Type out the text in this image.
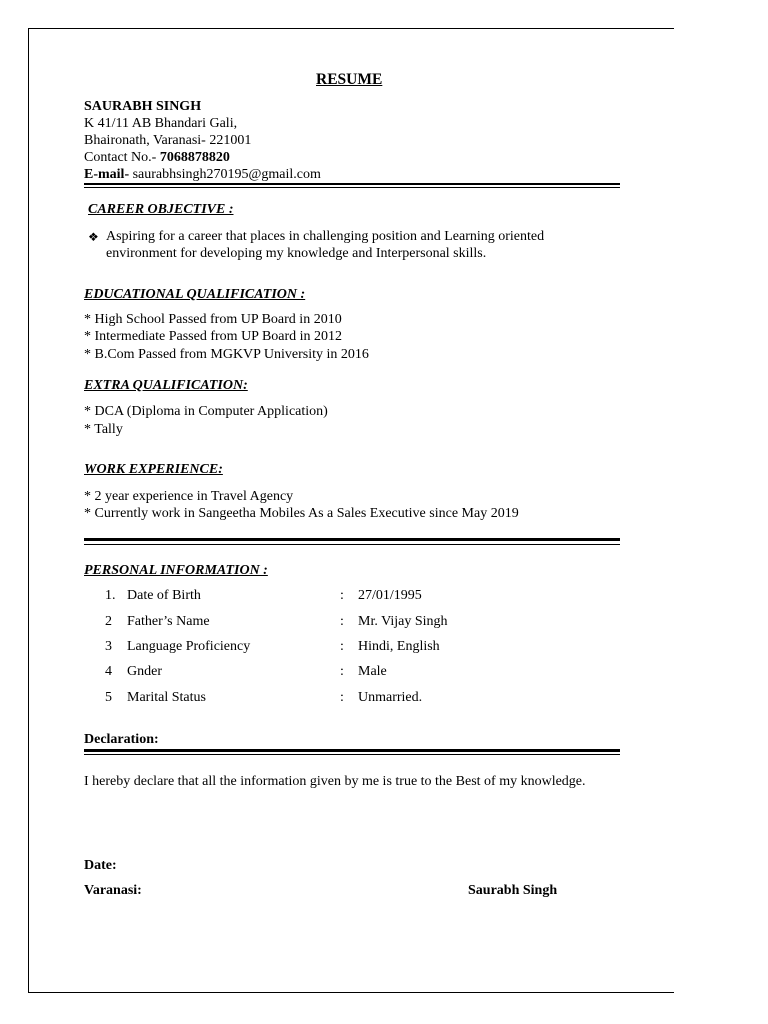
RESUME
SAURABH SINGH
K 41/11 AB Bhandari Gali,
Bhaironath, Varanasi- 221001
Contact No.- 7068878820
E-mail- saurabhsingh270195@gmail.com
CAREER OBJECTIVE :
❖ Aspiring for a career that places in challenging position and Learning oriented
environment for developing my knowledge and Interpersonal skills.
EDUCATIONAL QUALIFICATION :
* High School Passed from UP Board in 2010
* Intermediate Passed from UP Board in 2012
* B.Com Passed from MGKVP University in 2016
EXTRA QUALIFICATION:
* DCA (Diploma in Computer Application)
* Tally
WORK EXPERIENCE:
* 2 year experience in Travel Agency
* Currently work in Sangeetha Mobiles As a Sales Executive since May 2019
PERSONAL INFORMATION :
1. Date of Birth	: 27/01/1995
2 Father’s Name	: Mr. Vijay Singh
3 Language Proficiency	: Hindi, English
4 Gnder	: Male
5 Marital Status	: Unmarried.
Declaration:
I hereby declare that all the information given by me is true to the Best of my knowledge.
Date:
Varanasi:	Saurabh Singh
